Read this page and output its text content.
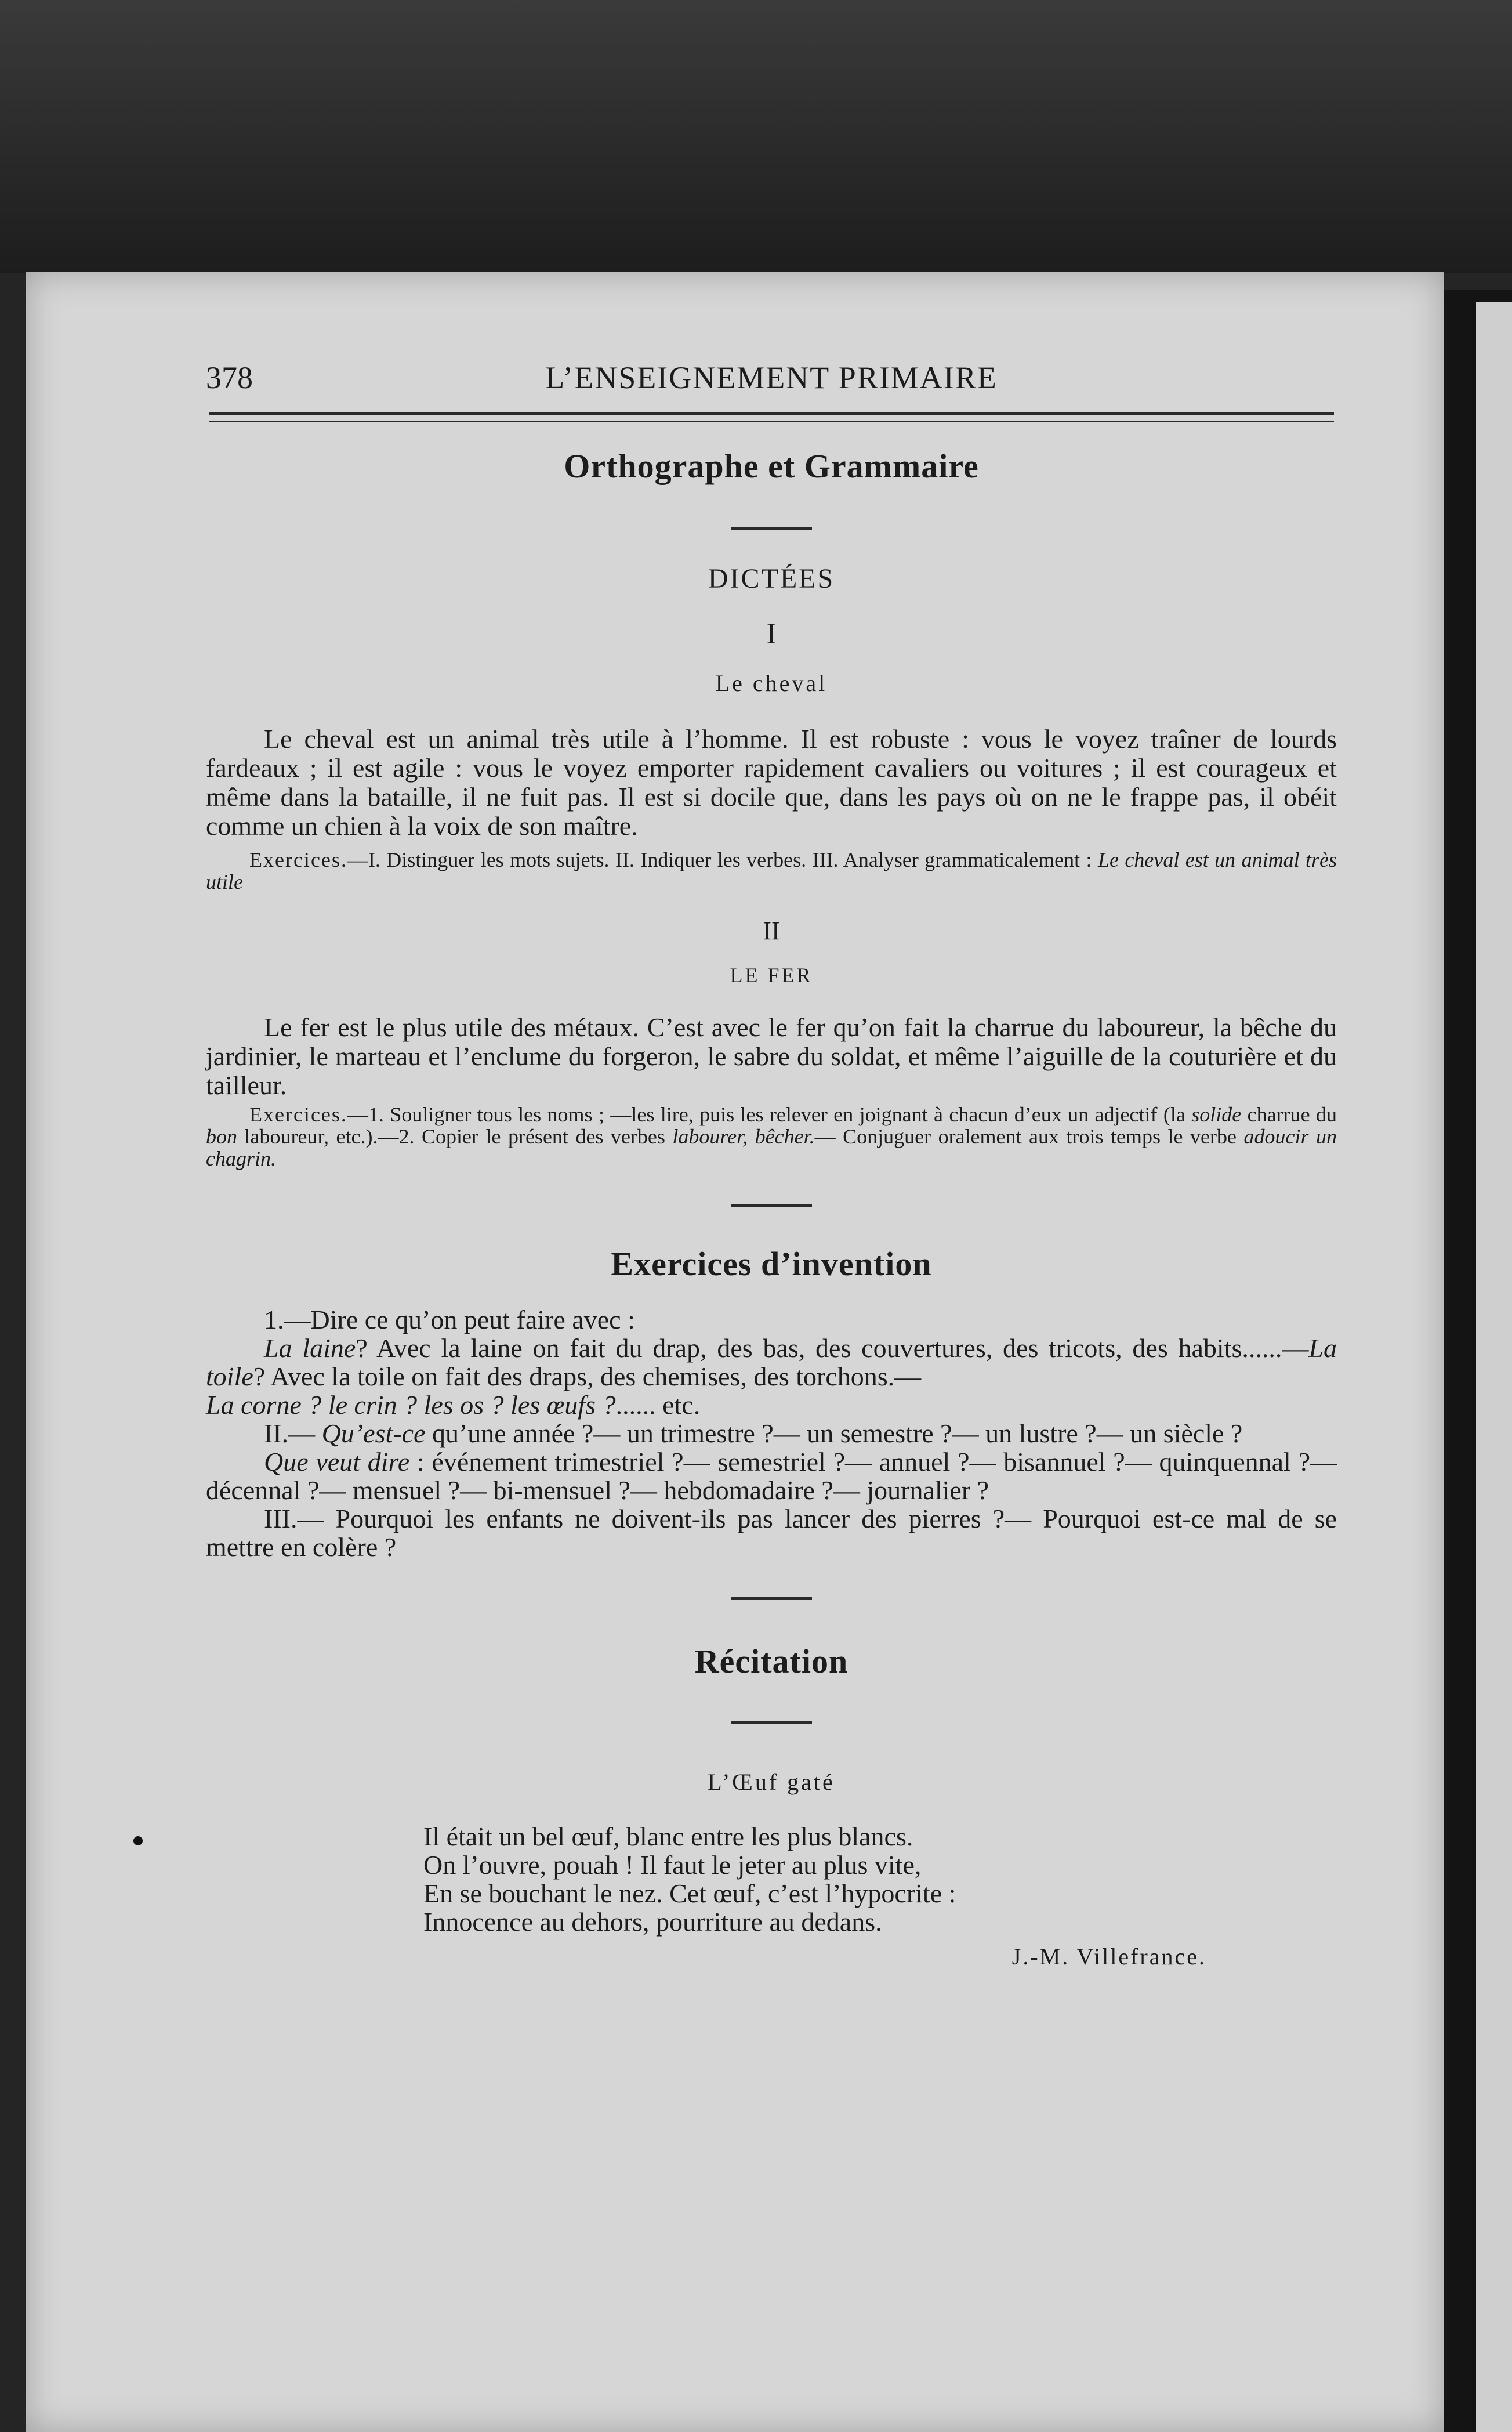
378	L’ENSEIGNEMENT PRIMAIRE
Orthographe et Grammaire
DICTÉES
I
Le cheval
Le cheval est un animal très utile à l’homme. Il est robuste : vous le voyez traîner de lourds fardeaux ; il est agile : vous le voyez emporter rapidement cavaliers ou voitures ; il est courageux et même dans la bataille, il ne fuit pas. Il est si docile que, dans les pays où on ne le frappe pas, il obéit comme un chien à la voix de son maître.
Exercices.—I. Distinguer les mots sujets. II. Indiquer les verbes. III. Analyser grammaticalement : Le cheval est un animal très utile
II
LE FER
Le fer est le plus utile des métaux. C’est avec le fer qu’on fait la charrue du laboureur, la bêche du jardinier, le marteau et l’enclume du forgeron, le sabre du soldat, et même l’aiguille de la couturière et du tailleur.
Exercices.—1. Souligner tous les noms ; —les lire, puis les relever en joignant à chacun d’eux un adjectif (la solide charrue du bon laboureur, etc.).—2. Copier le présent des verbes labourer, bêcher.— Conjuguer oralement aux trois temps le verbe adoucir un chagrin.
Exercices d’invention
1.—Dire ce qu’on peut faire avec :
La laine? Avec la laine on fait du drap, des bas, des couvertures, des tricots, des habits......—La toile? Avec la toile on fait des draps, des chemises, des torchons.—
La corne ? le crin ? les os ? les œufs ?...... etc.
II.— Qu’est-ce qu’une année ?— un trimestre ?— un semestre ?— un lustre ?— un siècle ?
Que veut dire : événement trimestriel ?— semestriel ?— annuel ?— bisannuel ?— quinquennal ?— décennal ?— mensuel ?— bi-mensuel ?— hebdomadaire ?— journalier ?
III.— Pourquoi les enfants ne doivent-ils pas lancer des pierres ?— Pourquoi est-ce mal de se mettre en colère ?
Récitation
L’Œuf gaté
Il était un bel œuf, blanc entre les plus blancs.
On l’ouvre, pouah ! Il faut le jeter au plus vite,
En se bouchant le nez. Cet œuf, c’est l’hypocrite :
Innocence au dehors, pourriture au dedans.
J.-M. Villefrance.
